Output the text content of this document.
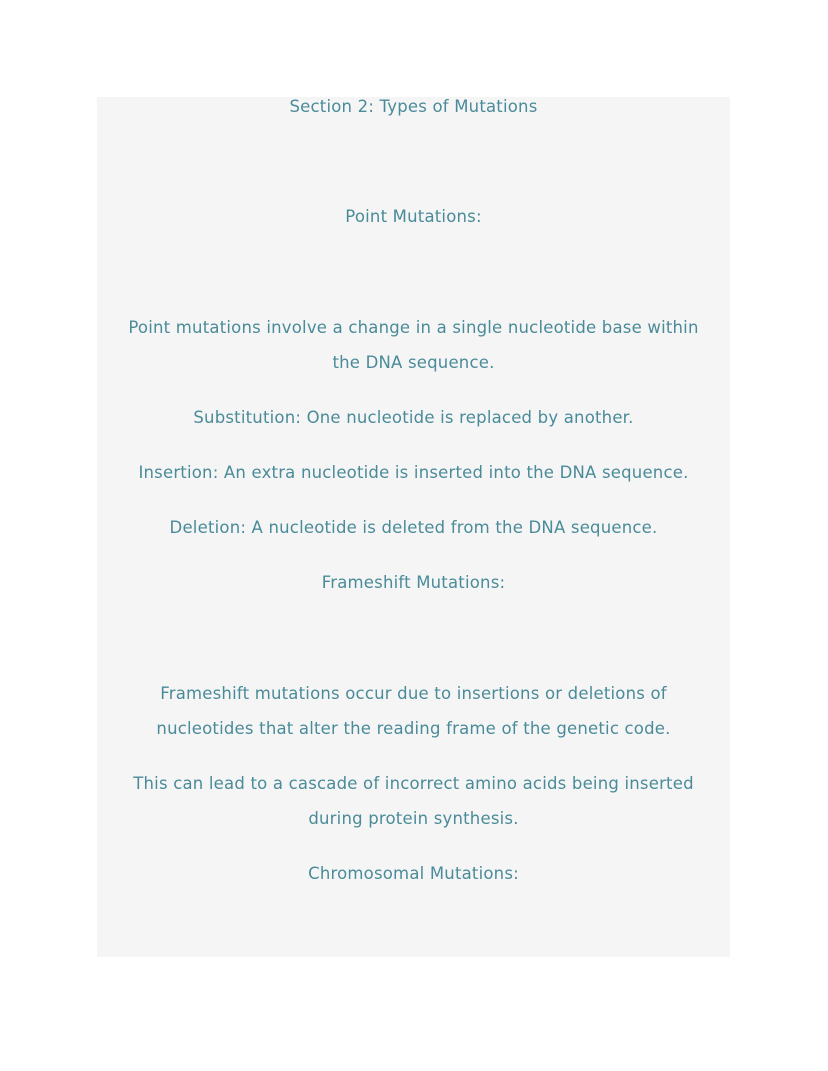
Section 2: Types of Mutations
Point Mutations:
Point mutations involve a change in a single nucleotide base within
the DNA sequence.
Substitution: One nucleotide is replaced by another.
Insertion: An extra nucleotide is inserted into the DNA sequence.
Deletion: A nucleotide is deleted from the DNA sequence.
Frameshift Mutations:
Frameshift mutations occur due to insertions or deletions of
nucleotides that alter the reading frame of the genetic code.
This can lead to a cascade of incorrect amino acids being inserted
during protein synthesis.
Chromosomal Mutations:
